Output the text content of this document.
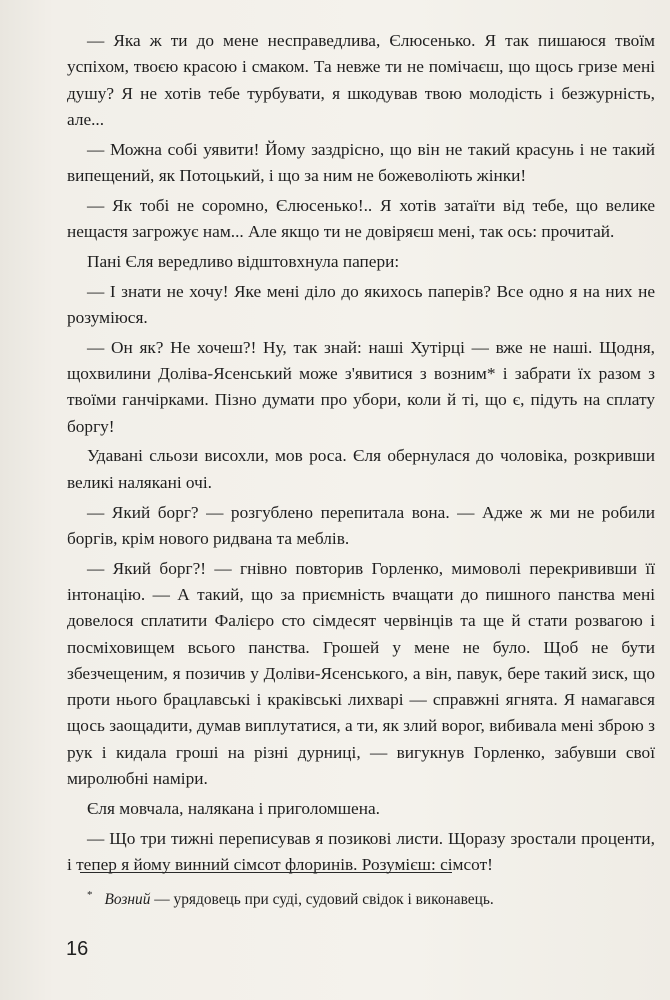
— Яка ж ти до мене несправедлива, Єлюсенько. Я так пишаюся твоїм успіхом, твоєю красою і смаком. Та невже ти не помічаєш, що щось гризе мені душу? Я не хотів тебе турбувати, я шкодував твою молодість і безжурність, але...

— Можна собі уявити! Йому заздрісно, що він не такий красунь і не такий випещений, як Потоцький, і що за ним не божеволіють жінки!

— Як тобі не соромно, Єлюсенько!.. Я хотів затаїти від тебе, що велике нещастя загрожує нам... Але якщо ти не довіряєш мені, так ось: прочитай.

Пані Єля вередливо відштовхнула папери:

— І знати не хочу! Яке мені діло до якихось паперів? Все одно я на них не розуміюся.

— Он як? Не хочеш?! Ну, так знай: наші Хутірці — вже не наші. Щодня, щохвилини Доліва-Ясенський може з'явитися з возним* і забрати їх разом з твоїми ганчірками. Пізно думати про убори, коли й ті, що є, підуть на сплату боргу!

Удавані сльози висохли, мов роса. Єля обернулася до чоловіка, розкривши великі налякані очі.

— Який борг? — розгублено перепитала вона. — Адже ж ми не робили боргів, крім нового ридвана та меблів.

— Який борг?! — гнівно повторив Горленко, мимоволі перекрививши її інтонацію. — А такий, що за приємність вчащати до пишного панства мені довелося сплатити Фалієро сто сімдесят червінців та ще й стати розвагою і посміховищем всього панства. Грошей у мене не було. Щоб не бути збезчещеним, я позичив у Доліви-Ясенського, а він, павук, бере такий зиск, що проти нього брацлавські і краківські лихварі — справжні ягнята. Я намагався щось заощадити, думав виплутатися, а ти, як злий ворог, вибивала мені зброю з рук і кидала гроші на різні дурниці, — вигукнув Горленко, забувши свої миролюбні наміри.

Єля мовчала, налякана і приголомшена.

— Що три тижні переписував я позикові листи. Щоразу зростали проценти, і тепер я йому винний сімсот флоринів. Розумієш: сімсот!

* Возний — урядовець при суді, судовий свідок і виконавець.
16
